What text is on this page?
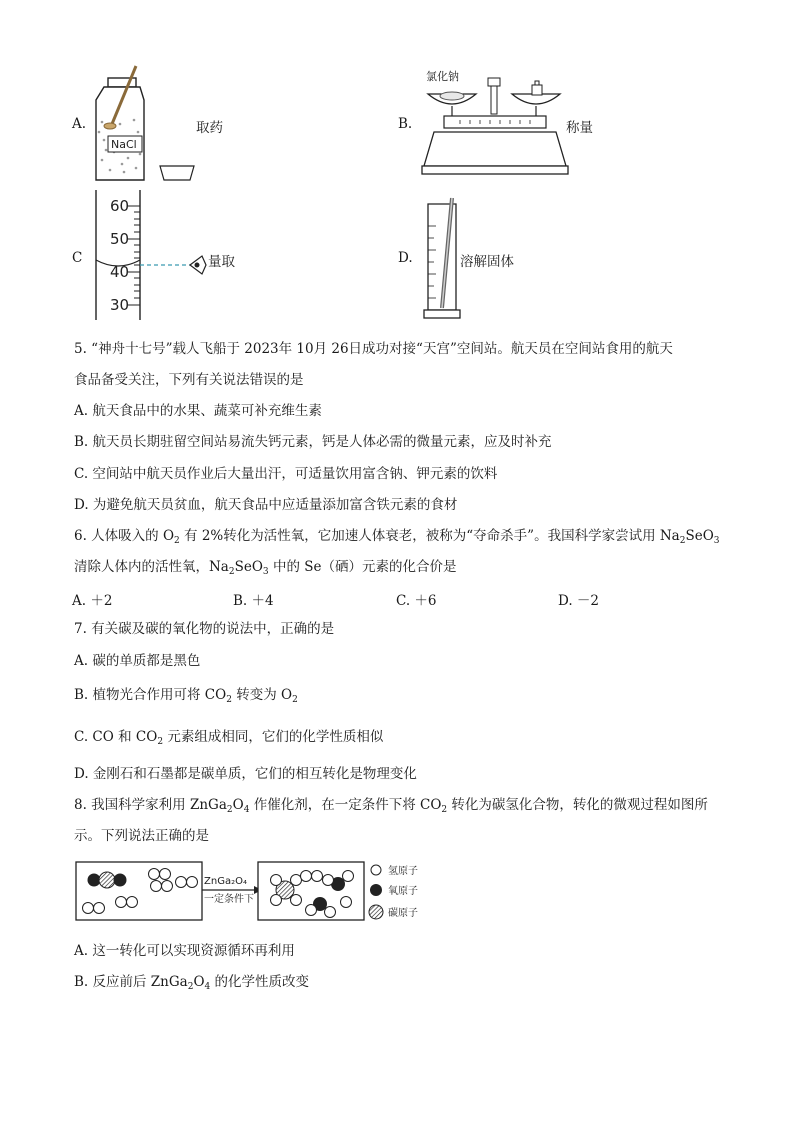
A.
NaCl
取药	B.
氯化钠
称量
C
60
50
40
30
量取	D.	溶解固体
5. “神舟十七号”载人飞船于 2023年 10月 26日成功对接“天宫”空间站。航天员在空间站食用的航天
食品备受关注，下列有关说法错误的是
A. 航天食品中的水果、蔬菜可补充维生素
B. 航天员长期驻留空间站易流失钙元素，钙是人体必需的微量元素，应及时补充
C. 空间站中航天员作业后大量出汗，可适量饮用富含钠、钾元素的饮料
D. 为避免航天员贫血，航天食品中应适量添加富含铁元素的食材
6. 人体吸入的 $O_2$ 有 2%转化为活性氧，它加速人体衰老，被称为“夺命杀手”。我国科学家尝试用 $Na_2SeO_3$
清除人体内的活性氧，$Na_2SeO_3$ 中的 Se（硒）元素的化合价是
A. ＋2	B. ＋4	C. ＋6	D. －2
7. 有关碳及碳的氧化物的说法中，正确的是
A. 碳的单质都是黑色
B. 植物光合作用可将 $CO_2$ 转变为 $O_2$
C. CO 和 $CO_2$ 元素组成相同，它们的化学性质相似
D. 金刚石和石墨都是碳单质，它们的相互转化是物理变化
8. 我国科学家利用 $ZnGa_2O_4$ 作催化剂，在一定条件下将 $CO_2$ 转化为碳氢化合物，转化的微观过程如图所
示。下列说法正确的是
ZnGa₂O₄
一定条件下
氢原子
氧原子
碳原子
A. 这一转化可以实现资源循环再利用
B. 反应前后 $ZnGa_2O_4$ 的化学性质改变
